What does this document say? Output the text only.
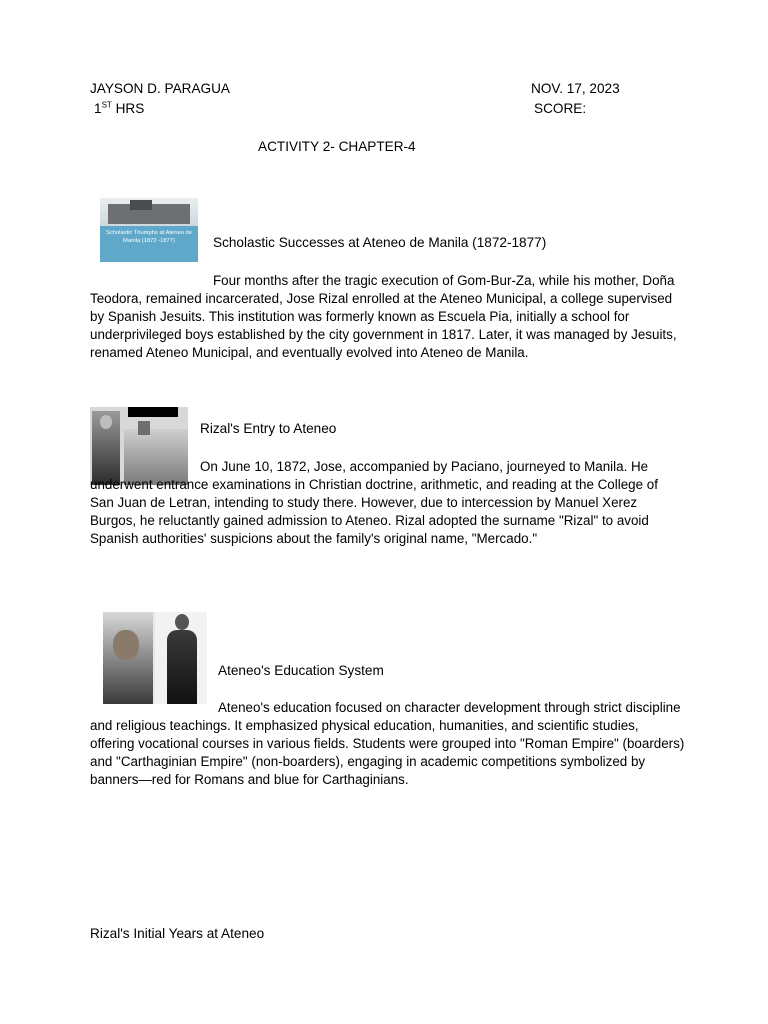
JAYSON D. PARAGUA	NOV. 17, 2023
1ST HRS	SCORE:
ACTIVITY 2- CHAPTER-4
Scholastic Triumphs at Ateneo de Manila (1872 -1877)	Scholastic Successes at Ateneo de Manila (1872-1877)
Four months after the tragic execution of Gom-Bur-Za, while his mother, Doña Teodora, remained incarcerated, Jose Rizal enrolled at the Ateneo Municipal, a college supervised by Spanish Jesuits. This institution was formerly known as Escuela Pia, initially a school for underprivileged boys established by the city government in 1817. Later, it was managed by Jesuits, renamed Ateneo Municipal, and eventually evolved into Ateneo de Manila.
Rizal's Entry to Ateneo
On June 10, 1872, Jose, accompanied by Paciano, journeyed to Manila. He underwent entrance examinations in Christian doctrine, arithmetic, and reading at the College of San Juan de Letran, intending to study there. However, due to intercession by Manuel Xerez Burgos, he reluctantly gained admission to Ateneo. Rizal adopted the surname "Rizal" to avoid Spanish authorities' suspicions about the family's original name, "Mercado."
Ateneo's Education System
Ateneo's education focused on character development through strict discipline and religious teachings. It emphasized physical education, humanities, and scientific studies, offering vocational courses in various fields. Students were grouped into "Roman Empire" (boarders) and "Carthaginian Empire" (non-boarders), engaging in academic competitions symbolized by banners—red for Romans and blue for Carthaginians.
Rizal's Initial Years at Ateneo
